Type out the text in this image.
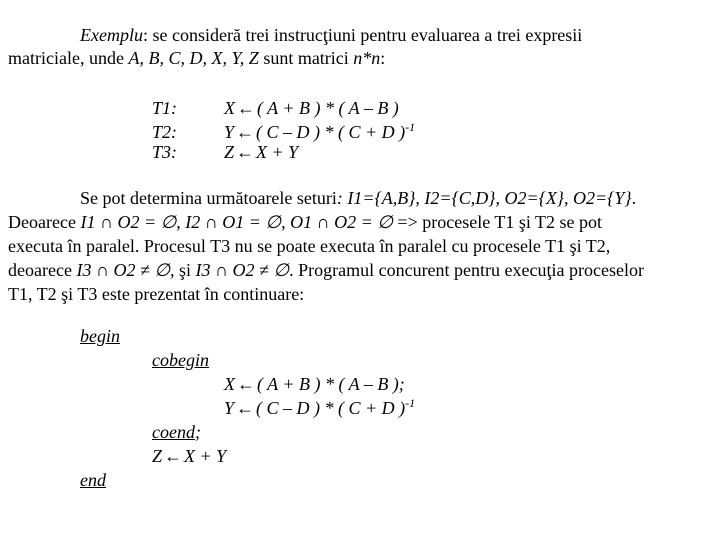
Exemplu: se consideră trei instrucţiuni pentru evaluarea a trei expresii
matriciale, unde A, B, C, D, X, Y, Z sunt matrici n*n:
T1:	X ← ( A + B ) * ( A – B )
T2:	Y ← ( C – D ) * ( C + D )$^{-1}$
T3:	Z ← X + Y
Se pot determina următoarele seturi: I1={A,B}, I2={C,D}, O2={X}, O2={Y}.
Deoarece I1 ∩ O2 = ∅, I2 ∩ O1 = ∅, O1 ∩ O2 = ∅ => procesele T1 şi T2 se pot
executa în paralel. Procesul T3 nu se poate executa în paralel cu procesele T1 şi T2,
deoarece I3 ∩ O2 ≠ ∅, şi I3 ∩ O2 ≠ ∅. Programul concurent pentru execuţia proceselor
T1, T2 şi T3 este prezentat în continuare:
begin
cobegin
X ← ( A + B ) * ( A – B );
Y ← ( C – D ) * ( C + D )$^{-1}$
coend;
Z ← X + Y
end
